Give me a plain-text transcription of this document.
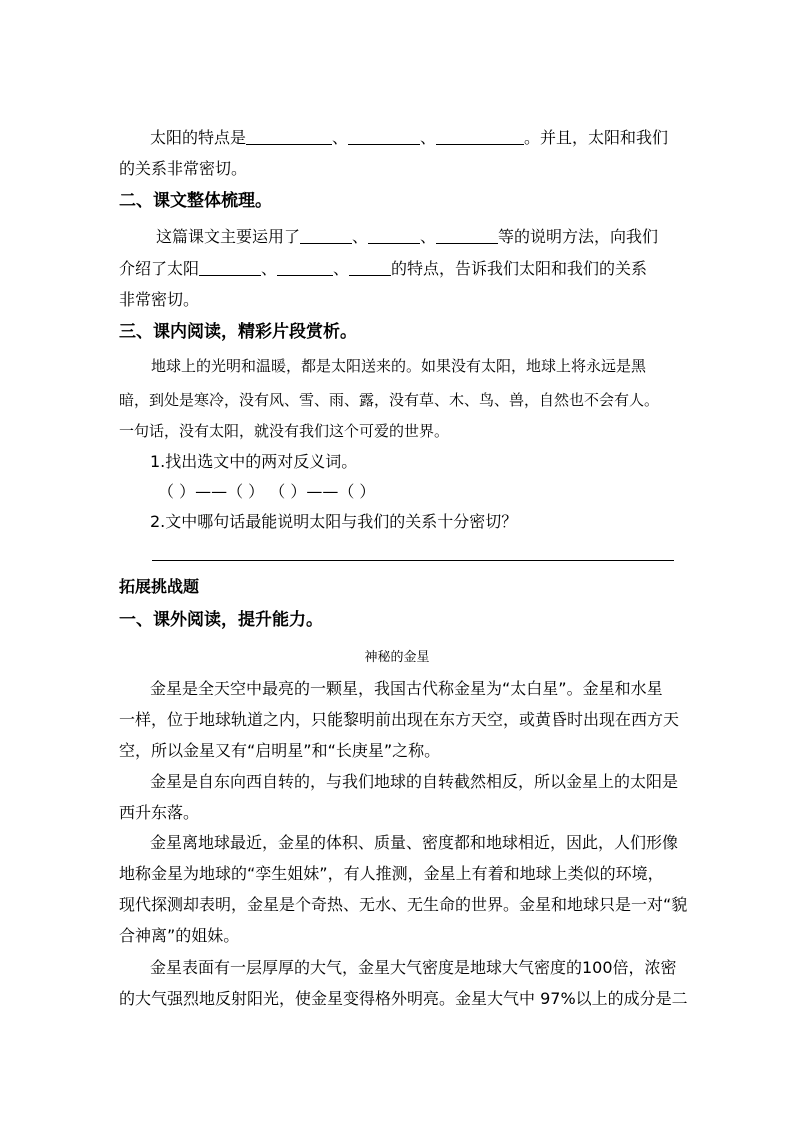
太阳的特点是	、	、	。并且，太阳和我们
的关系非常密切。
二、课文整体梳理。
这篇课文主要运用了	、	、	等的说明方法，向我们
介绍了太阳	、	、	的特点，告诉我们太阳和我们的关系
非常密切。
三、课内阅读，精彩片段赏析。
地球上的光明和温暖，都是太阳送来的。如果没有太阳，地球上将永远是黑
暗，到处是寒冷，没有风、雪、雨、露，没有草、木、鸟、兽，自然也不会有人。
一句话，没有太阳，就没有我们这个可爱的世界。
1.找出选文中的两对反义词。
（ ）——（ ） （ ）——（ ）
2.文中哪句话最能说明太阳与我们的关系十分密切？
拓展挑战题
一、课外阅读，提升能力。
神秘的金星
金星是全天空中最亮的一颗星，我国古代称金星为“太白星”。金星和水星
一样，位于地球轨道之内，只能黎明前出现在东方天空，或黄昏时出现在西方天
空，所以金星又有“启明星”和“长庚星”之称。
金星是自东向西自转的，与我们地球的自转截然相反，所以金星上的太阳是
西升东落。
金星离地球最近，金星的体积、质量、密度都和地球相近，因此，人们形像
地称金星为地球的“孪生姐妹”，有人推测，金星上有着和地球上类似的环境，
现代探测却表明，金星是个奇热、无水、无生命的世界。金星和地球只是一对“貌
合神离”的姐妹。
金星表面有一层厚厚的大气，金星大气密度是地球大气密度的100倍，浓密
的大气强烈地反射阳光，使金星变得格外明亮。金星大气中 97%以上的成分是二
